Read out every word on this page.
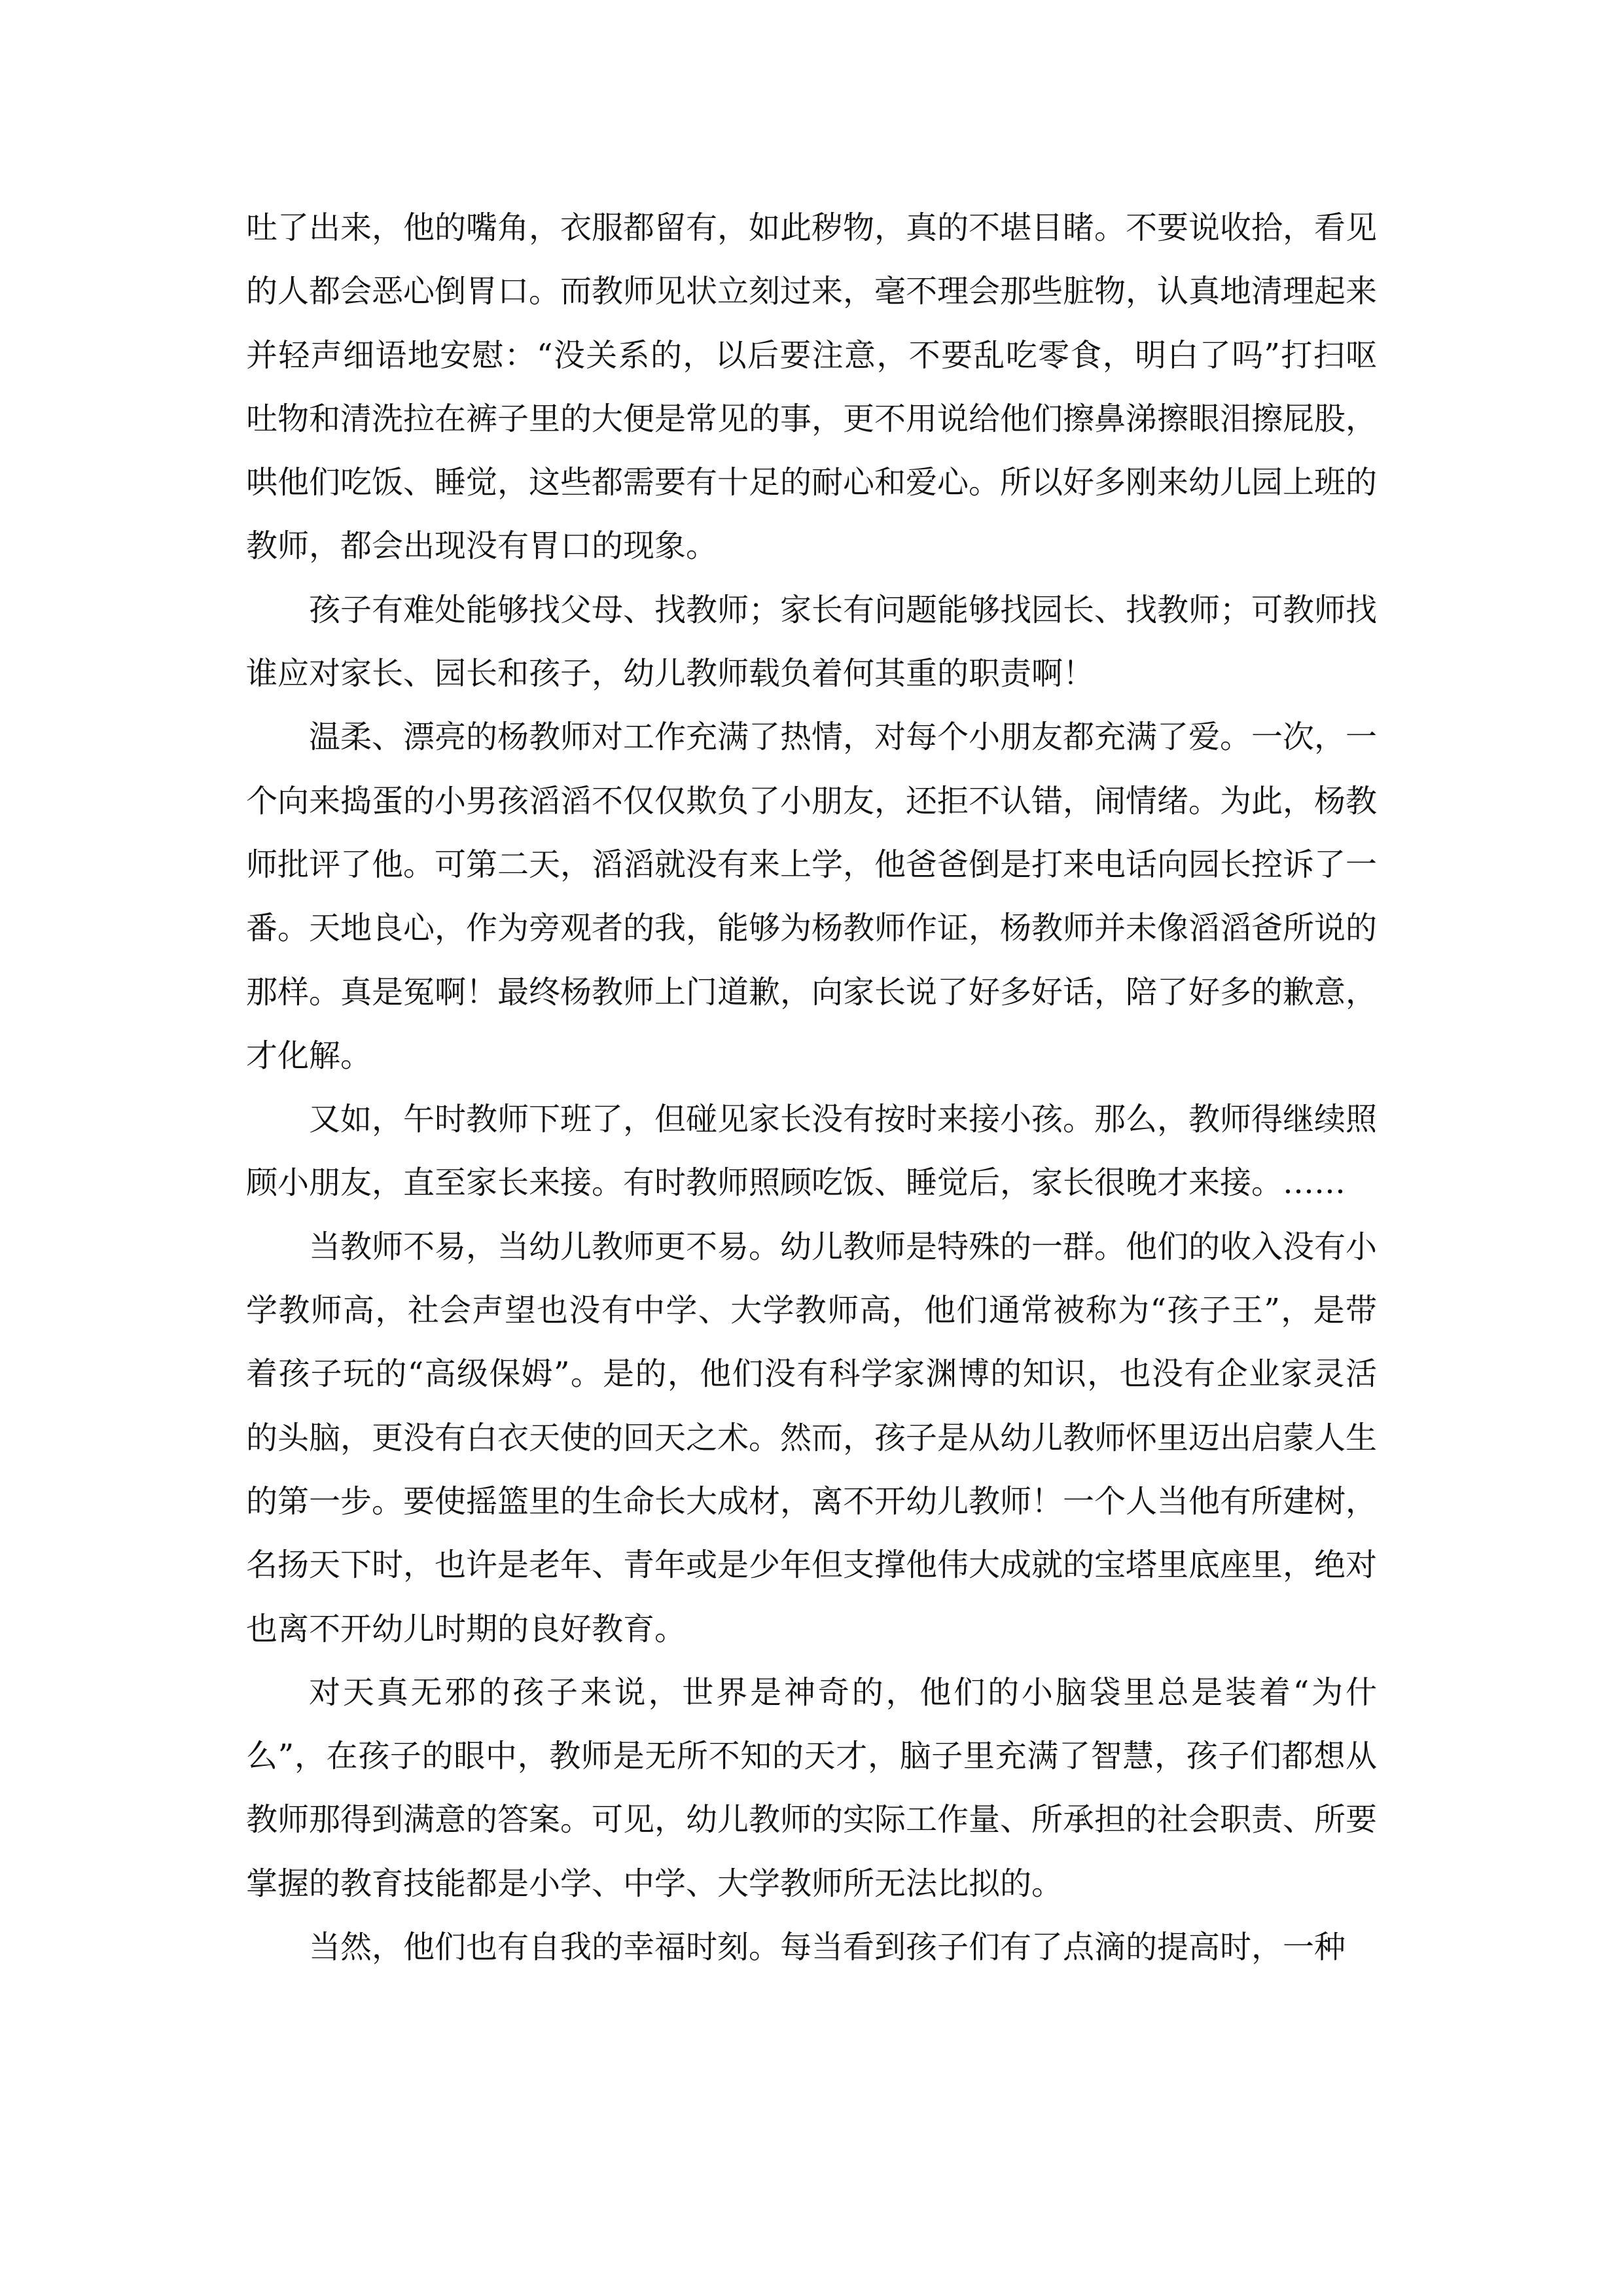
吐了出来，他的嘴角，衣服都留有，如此秽物，真的不堪目睹。不要说收拾，看见的人都会恶心倒胃口。而教师见状立刻过来，毫不理会那些脏物，认真地清理起来并轻声细语地安慰：“没关系的，以后要注意，不要乱吃零食，明白了吗”打扫呕吐物和清洗拉在裤子里的大便是常见的事，更不用说给他们擦鼻涕擦眼泪擦屁股，哄他们吃饭、睡觉，这些都需要有十足的耐心和爱心。所以好多刚来幼儿园上班的教师，都会出现没有胃口的现象。

孩子有难处能够找父母、找教师；家长有问题能够找园长、找教师；可教师找谁应对家长、园长和孩子，幼儿教师载负着何其重的职责啊！

温柔、漂亮的杨教师对工作充满了热情，对每个小朋友都充满了爱。一次，一个向来捣蛋的小男孩滔滔不仅仅欺负了小朋友，还拒不认错，闹情绪。为此，杨教师批评了他。可第二天，滔滔就没有来上学，他爸爸倒是打来电话向园长控诉了一番。天地良心，作为旁观者的我，能够为杨教师作证，杨教师并未像滔滔爸所说的那样。真是冤啊！最终杨教师上门道歉，向家长说了好多好话，陪了好多的歉意，才化解。

又如，午时教师下班了，但碰见家长没有按时来接小孩。那么，教师得继续照顾小朋友，直至家长来接。有时教师照顾吃饭、睡觉后，家长很晚才来接。……

当教师不易，当幼儿教师更不易。幼儿教师是特殊的一群。他们的收入没有小学教师高，社会声望也没有中学、大学教师高，他们通常被称为“孩子王”，是带着孩子玩的“高级保姆”。是的，他们没有科学家渊博的知识，也没有企业家灵活的头脑，更没有白衣天使的回天之术。然而，孩子是从幼儿教师怀里迈出启蒙人生的第一步。要使摇篮里的生命长大成材，离不开幼儿教师！一个人当他有所建树，名扬天下时，也许是老年、青年或是少年但支撑他伟大成就的宝塔里底座里，绝对也离不开幼儿时期的良好教育。

对天真无邪的孩子来说，世界是神奇的，他们的小脑袋里总是装着“为什么”，在孩子的眼中，教师是无所不知的天才，脑子里充满了智慧，孩子们都想从教师那得到满意的答案。可见，幼儿教师的实际工作量、所承担的社会职责、所要掌握的教育技能都是小学、中学、大学教师所无法比拟的。

当然，他们也有自我的幸福时刻。每当看到孩子们有了点滴的提高时，一种
